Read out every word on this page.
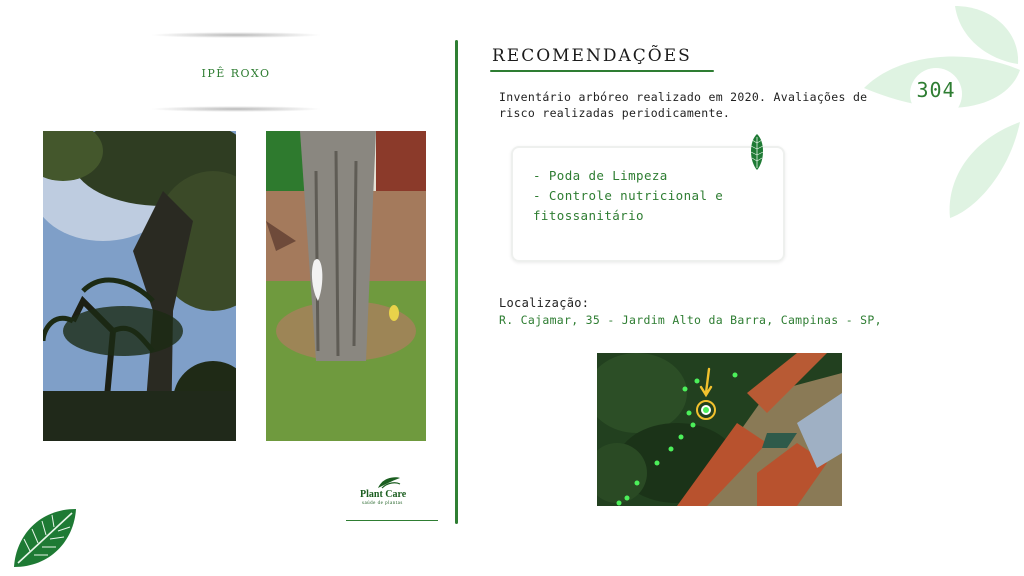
IPÊ ROXO
RECOMENDAÇÕES
Inventário arbóreo realizado em 2020. Avaliações de risco realizadas periodicamente.
- Poda de Limpeza
- Controle nutricional e
fitossanitário
Localização:
R. Cajamar, 35 - Jardim Alto da Barra, Campinas - SP,
304
Plant Care
saúde de plantas
